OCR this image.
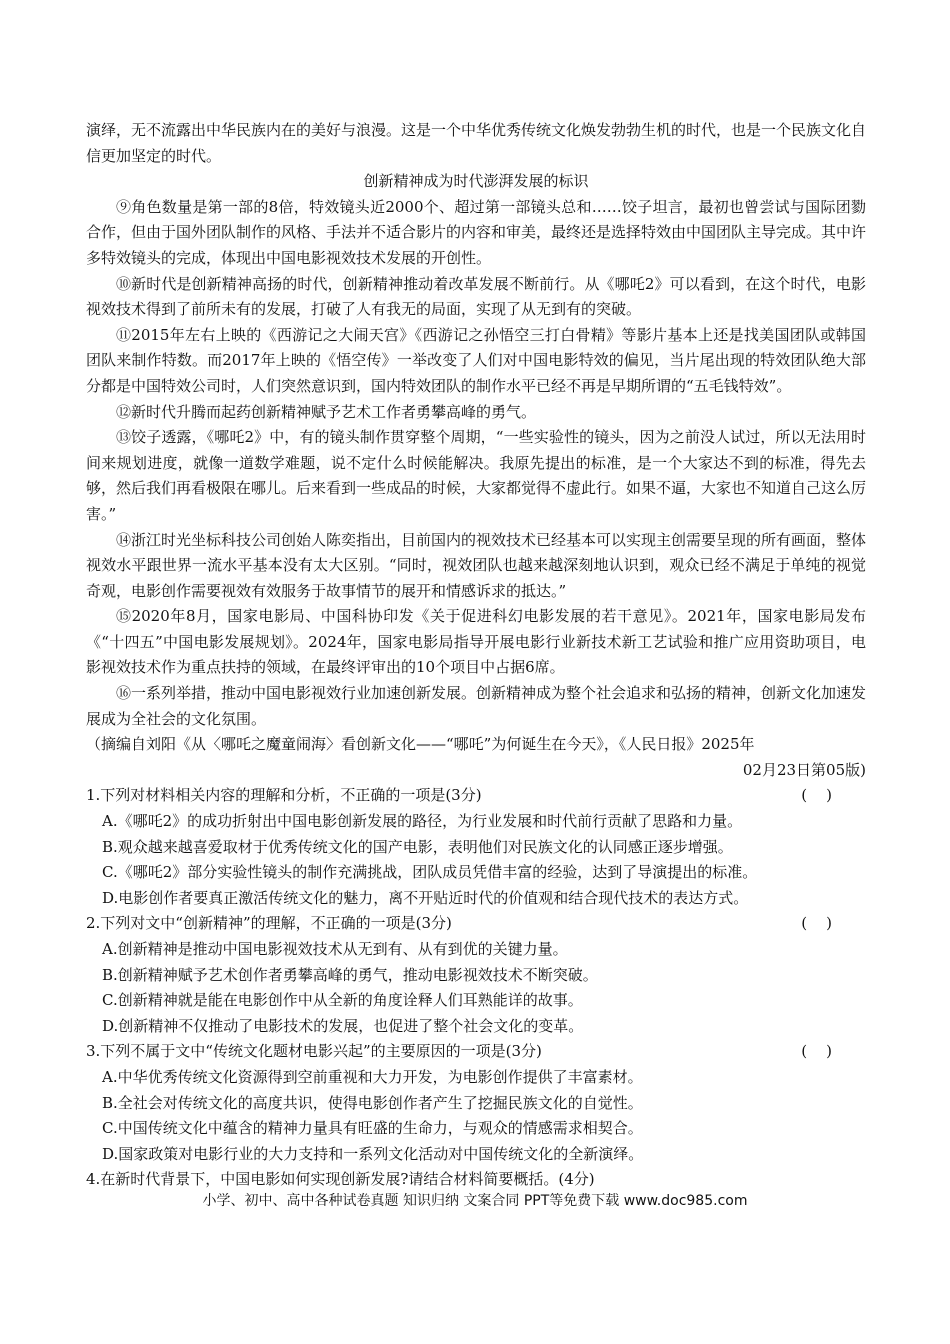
演绎，无不流露出中华民族内在的美好与浪漫。这是一个中华优秀传统文化焕发勃勃生机的时代，也是一个民族文化自信更加坚定的时代。

创新精神成为时代澎湃发展的标识

⑨角色数量是第一部的8倍，特效镜头近2000个、超过第一部镜头总和……饺子坦言，最初也曾尝试与国际团勠合作，但由于国外团队制作的风格、手法并不适合影片的内容和审美，最终还是选择特效由中国团队主导完成。其中许多特效镜头的完成，体现出中国电影视效技术发展的开创性。

⑩新时代是创新精神高扬的时代，创新精神推动着改革发展不断前行。从《哪吒2》可以看到，在这个时代，电影视效技术得到了前所未有的发展，打破了人有我无的局面，实现了从无到有的突破。

⑪2015年左右上映的《西游记之大闹天宫》《西游记之孙悟空三打白骨精》等影片基本上还是找美国团队或韩国团队来制作特数。而2017年上映的《悟空传》一举改变了人们对中国电影特效的偏见，当片尾出现的特效团队绝大部分都是中国特效公司时，人们突然意识到，国内特效团队的制作水平已经不再是早期所谓的“五毛钱特效”。

⑫新时代升腾而起药创新精神赋予艺术工作者勇攀高峰的勇气。

⑬饺子透露，《哪吒2》中，有的镜头制作贯穿整个周期，“一些实验性的镜头，因为之前没人试过，所以无法用时间来规划进度，就像一道数学难题，说不定什么时候能解决。我原先提出的标准，是一个大家达不到的标准，得先去够，然后我们再看极限在哪儿。后来看到一些成品的时候，大家都觉得不虚此行。如果不逼，大家也不知道自己这么厉害。”

⑭浙江时光坐标科技公司创始人陈奕指出，目前国内的视效技术已经基本可以实现主创需要呈现的所有画面，整体视效水平跟世界一流水平基本没有太大区别。“同时，视效团队也越来越深刻地认识到，观众已经不满足于单纯的视觉奇观，电影创作需要视效有效服务于故事情节的展开和情感诉求的抵达。”

⑮2020年8月，国家电影局、中国科协印发《关于促进科幻电影发展的若干意见》。2021年，国家电影局发布《“十四五”中国电影发展规划》。2024年，国家电影局指导开展电影行业新技术新工艺试验和推广应用资助项目，电影视效技术作为重点扶持的领域，在最终评审出的10个项目中占据6席。

⑯一系列举措，推动中国电影视效行业加速创新发展。创新精神成为整个社会追求和弘扬的精神，创新文化加速发展成为全社会的文化氛围。

（摘编自刘阳《从〈哪吒之魔童闹海〉看创新文化——“哪吒”为何诞生在今天》，《人民日报》2025年

02月23日第05版)

1.下列对材料相关内容的理解和分析，不正确的一项是(3分)	(    )

A.《哪吒2》的成功折射出中国电影创新发展的路径，为行业发展和时代前行贡献了思路和力量。

B.观众越来越喜爱取材于优秀传统文化的国产电影，表明他们对民族文化的认同感正逐步增强。

C.《哪吒2》部分实验性镜头的制作充满挑战，团队成员凭借丰富的经验，达到了导演提出的标准。

D.电影创作者要真正激活传统文化的魅力，离不开贴近时代的价值观和结合现代技术的表达方式。

2.下列对文中“创新精神”的理解，不正确的一项是(3分)	(    )

A.创新精神是推动中国电影视效技术从无到有、从有到优的关键力量。

B.创新精神赋予艺术创作者勇攀高峰的勇气，推动电影视效技术不断突破。

C.创新精神就是能在电影创作中从全新的角度诠释人们耳熟能详的故事。

D.创新精神不仅推动了电影技术的发展，也促进了整个社会文化的变革。

3.下列不属于文中“传统文化题材电影兴起”的主要原因的一项是(3分)	(    )

A.中华优秀传统文化资源得到空前重视和大力开发，为电影创作提供了丰富素材。

B.全社会对传统文化的高度共识，使得电影创作者产生了挖掘民族文化的自觉性。

C.中国传统文化中蕴含的精神力量具有旺盛的生命力，与观众的情感需求相契合。

D.国家政策对电影行业的大力支持和一系列文化活动对中国传统文化的全新演绎。

4.在新时代背景下，中国电影如何实现创新发展?请结合材料简要概括。(4分)
小学、初中、高中各种试卷真题 知识归纳 文案合同 PPT等免费下载 www.doc985.com
